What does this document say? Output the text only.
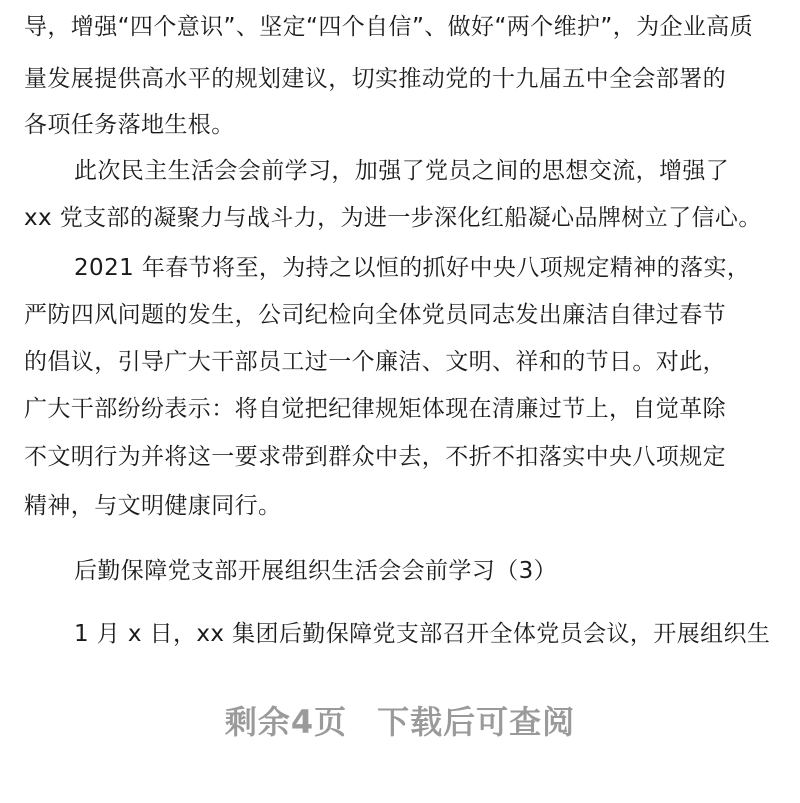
导，增强“四个意识”、坚定“四个自信”、做好“两个维护”，为企业高质
量发展提供高水平的规划建议，切实推动党的十九届五中全会部署的
各项任务落地生根。
此次民主生活会会前学习，加强了党员之间的思想交流，增强了
xx 党支部的凝聚力与战斗力，为进一步深化红船凝心品牌树立了信心。
2021 年春节将至，为持之以恒的抓好中央八项规定精神的落实，
严防四风问题的发生，公司纪检向全体党员同志发出廉洁自律过春节
的倡议，引导广大干部员工过一个廉洁、文明、祥和的节日。对此，
广大干部纷纷表示：将自觉把纪律规矩体现在清廉过节上，自觉革除
不文明行为并将这一要求带到群众中去，不折不扣落实中央八项规定
精神，与文明健康同行。
后勤保障党支部开展组织生活会会前学习（3）
1 月 x 日，xx 集团后勤保障党支部召开全体党员会议，开展组织生
剩余4页 下载后可查阅
